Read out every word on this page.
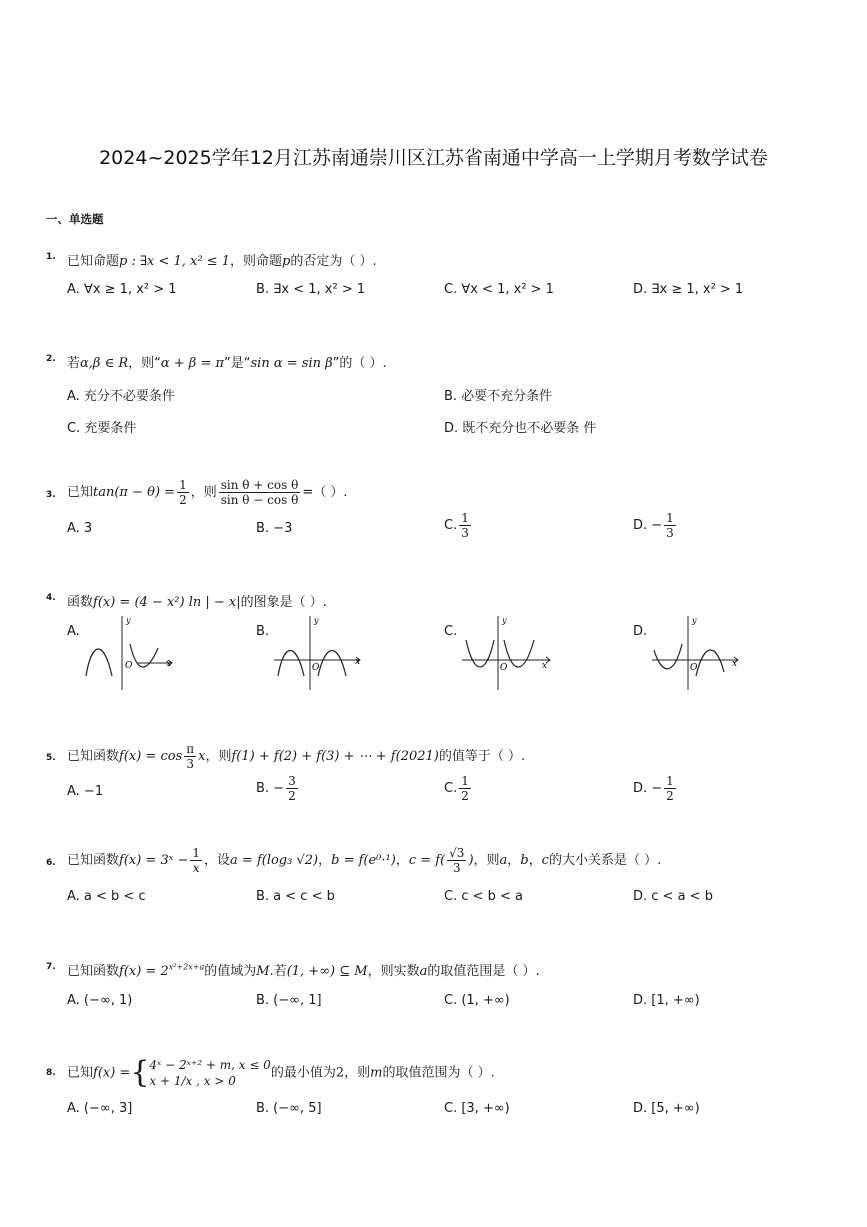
2024~2025学年12月江苏南通崇川区江苏省南通中学高一上学期月考数学试卷
一、单选题
1. 已知命题p : ∃x < 1, x² ≤ 1，则命题p的否定为（ ）.
A. ∀x ≥ 1, x² > 1	B. ∃x < 1, x² > 1	C. ∀x < 1, x² > 1	D. ∃x ≥ 1, x² > 1
2. 若α,β ∈ R，则“α + β = π”是“sin α = sin β”的（ ）.
A. 充分不必要条件	B. 必要不充分条件
C. 充要条件	D. 既不充分也不必要条 件
3. 已知$\tan(\pi - \theta) = \frac{1}{2}$ ，则 $\frac{\text{sin θ + cos θ}}{\text{sin θ − cos θ}}$ =（ ）.
A. 3	B. −3	C. $\frac{1}{3}$	D. − $\frac{1}{3}$
4. 函数f(x) = (4 − x²) ln | − x|的图象是（ ）.
A.	B.	C.	D.
O	x
y
O
x
y
O	x
y
O	x
y
5. 已知函数$f(x) = \cos \frac{\pi}{3}$ x，则f(1) + f(2) + f(3) + ⋯ + f(2021)的值等于（ ）.
A. −1	B. − $\frac{3}{2}$	C. $\frac{1}{2}$	D. − $\frac{1}{2}$
6. 已知函数f(x) = 3ˣ − $\frac{1}{x}$ ，设a = f(log₃ √2)，b = f(e⁰·¹)，$c = f( \frac{√3}{3}$ )，则a，b，c的大小关系是（ ）.
A. a < b < c	B. a < c < b	C. c < b < a	D. c < a < b
7. 已知函数$f(x) = 2^{x^2+2x+a}$的值域为M.若(1, +∞) ⊆ M，则实数a的取值范围是（ ）.
A. (−∞, 1)	B. (−∞, 1]	C. (1, +∞)	D. [1, +∞)
8. 已知f(x) ={ 4ˣ − 2ˣ⁺² + m, x ≤ 0
x + 1/x , x > 0
的最小值为2，则m的取值范围为（ ）.
A. (−∞, 3]	B. (−∞, 5]	C. [3, +∞)	D. [5, +∞)
